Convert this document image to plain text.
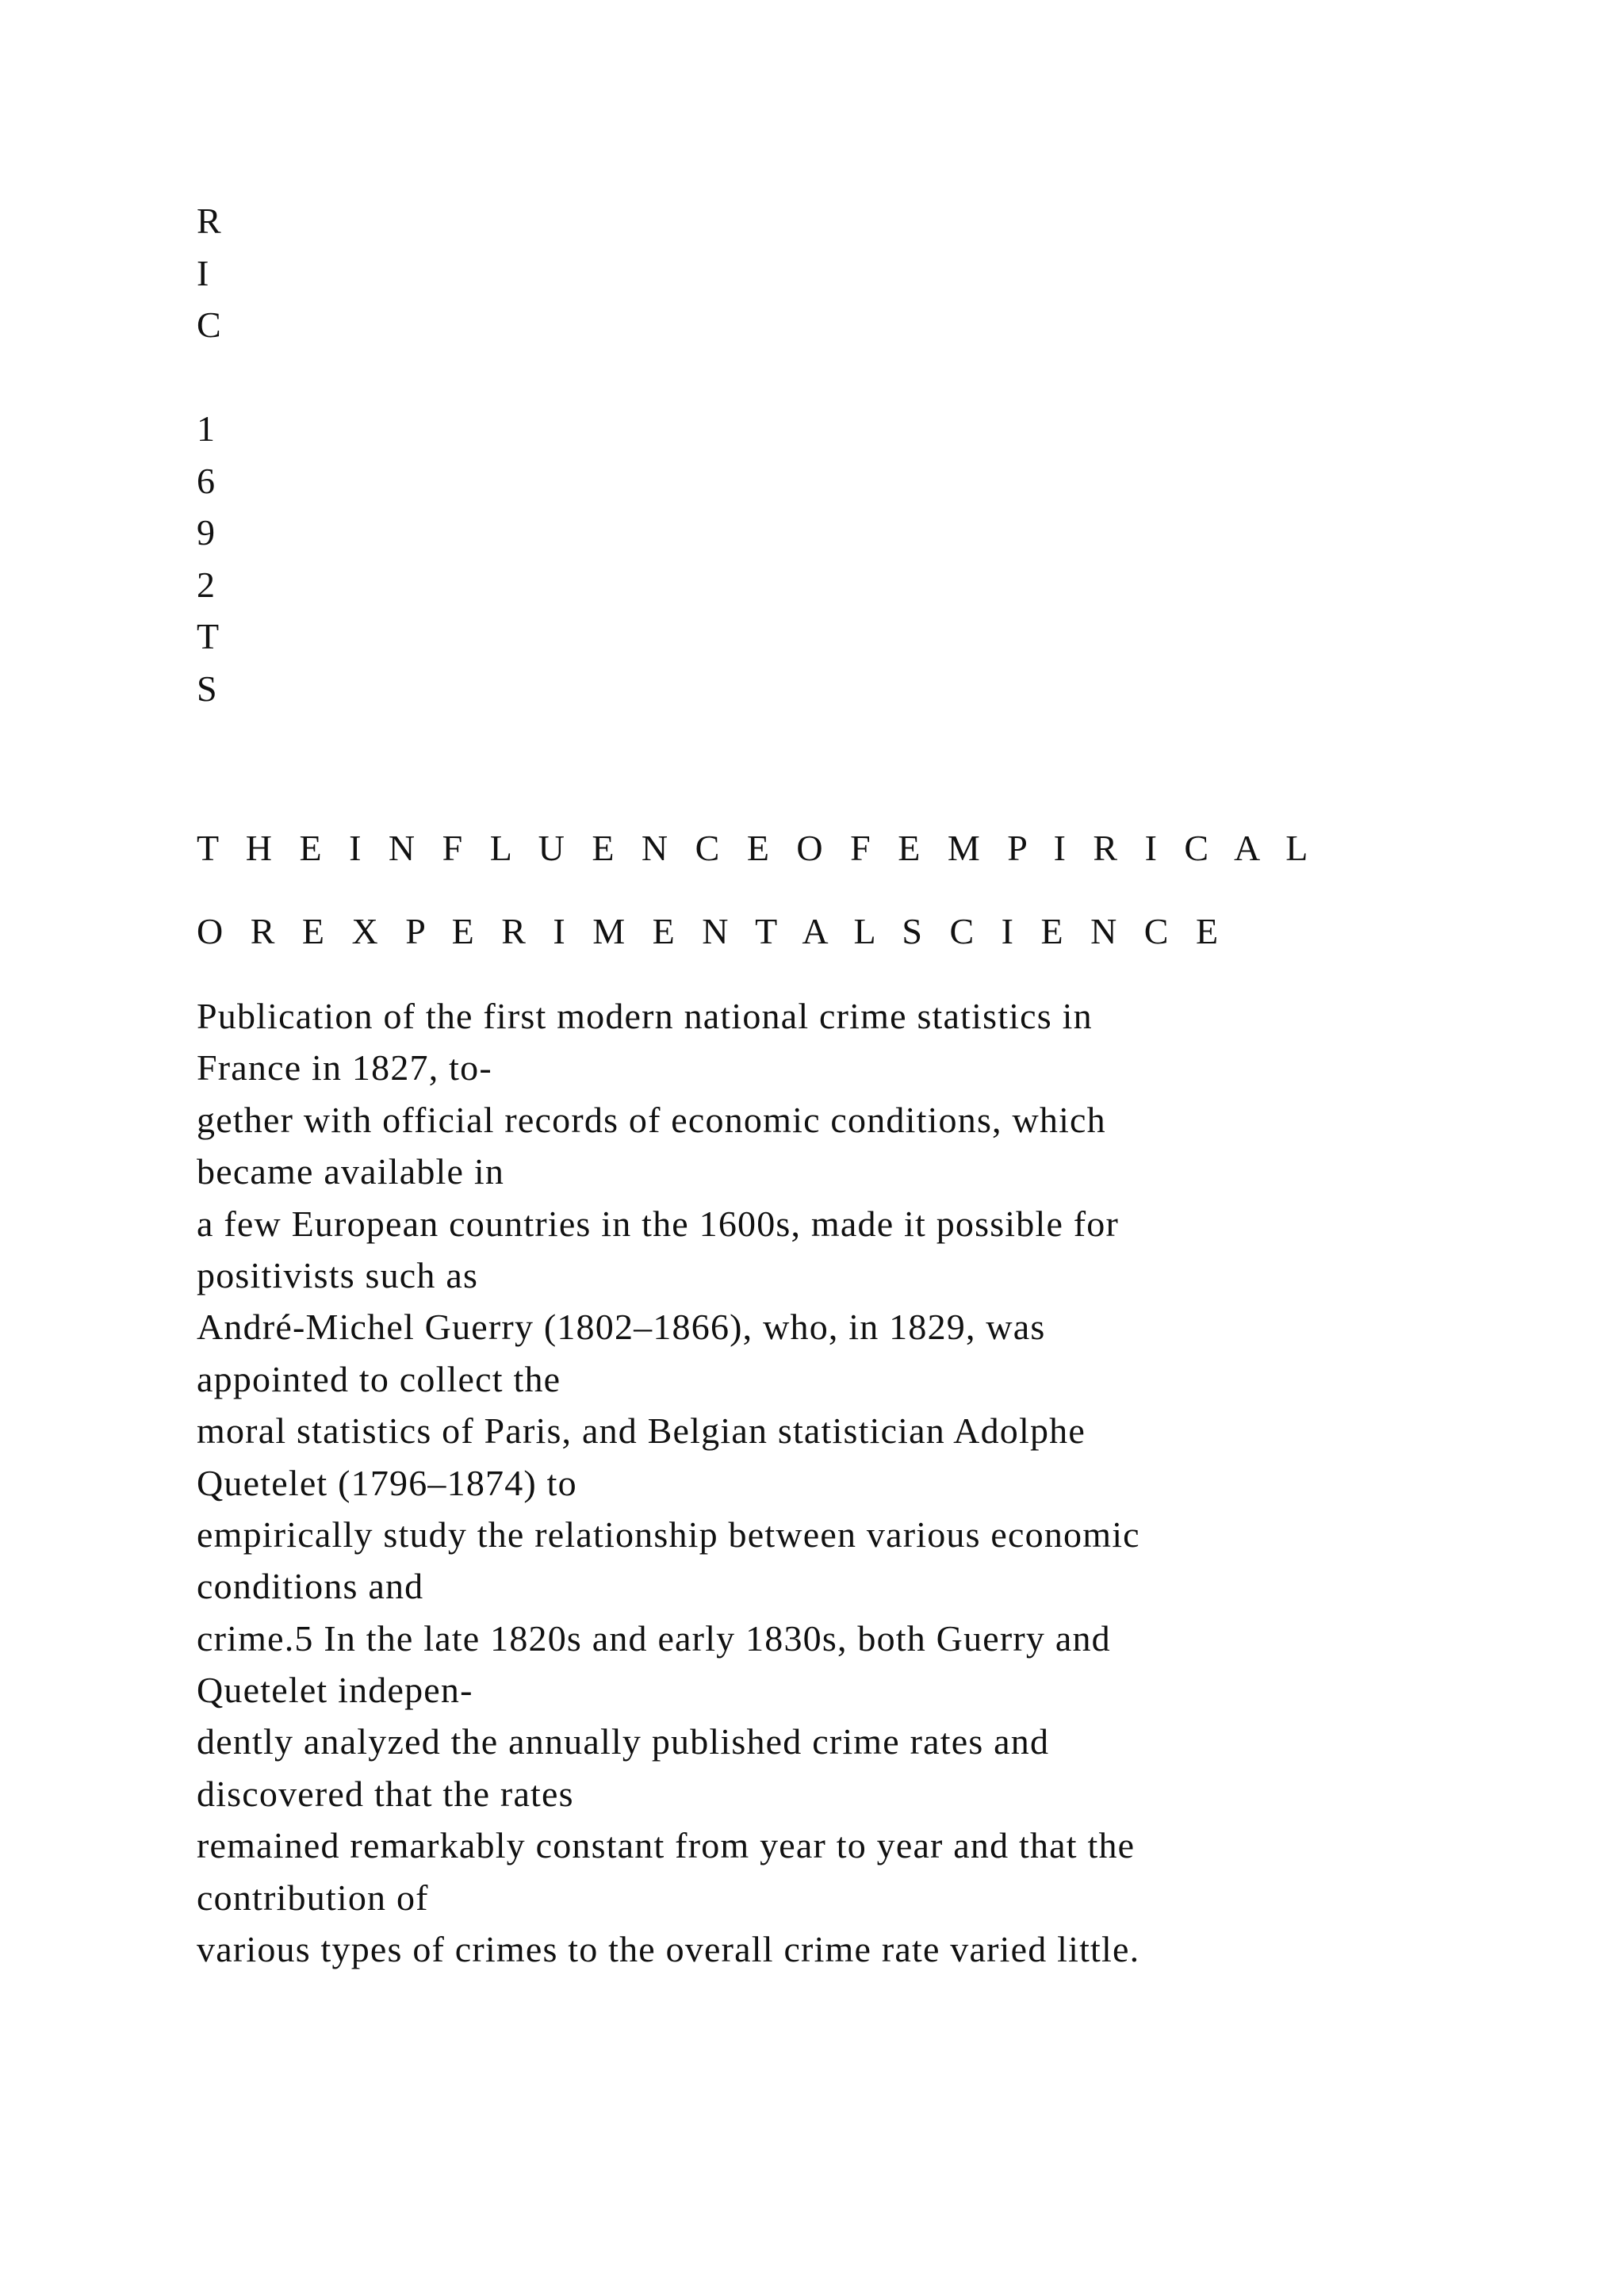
R
I
C
1
6
9
2
T
S

T H E I N F L U E N C E O F E M P I R I C A L

O R E X P E R I M E N T A L S C I E N C E

Publication of the first modern national crime statistics in
France in 1827, to-
gether with official records of economic conditions, which
became available in
a few European countries in the 1600s, made it possible for
positivists such as
André-Michel Guerry (1802–1866), who, in 1829, was
appointed to collect the
moral statistics of Paris, and Belgian statistician Adolphe
Quetelet (1796–1874) to
empirically study the relationship between various economic
conditions and
crime.5 In the late 1820s and early 1830s, both Guerry and
Quetelet indepen-
dently analyzed the annually published crime rates and
discovered that the rates
remained remarkably constant from year to year and that the
contribution of
various types of crimes to the overall crime rate varied little.
